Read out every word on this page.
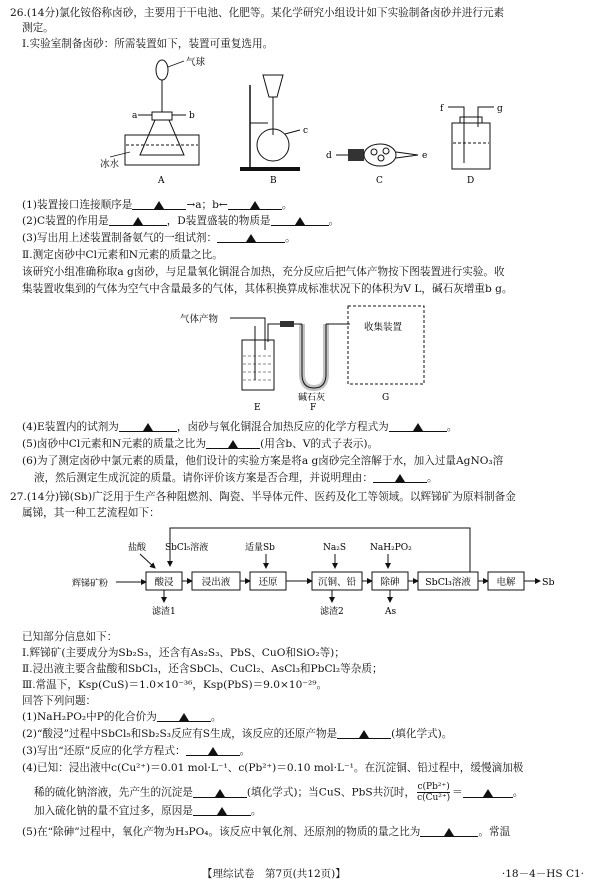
26.(14分)氯化铵俗称卤砂，主要用于干电池、化肥等。某化学研究小组设计如下实验制备卤砂并进行元素
测定。
Ⅰ.实验室制备卤砂：所需装置如下，装置可重复选用。
气球
a	b
冰水
A
c
B
d	e
C
f	g
D
(1)装置接口连接顺序是	→a；b←	。
(2)C装置的作用是	，D装置盛装的物质是	。
(3)写出用上述装置制备氨气的一组试剂：	。
Ⅱ.测定卤砂中Cl元素和N元素的质量之比。
该研究小组准确称取a g卤砂，与足量氧化铜混合加热，充分反应后把气体产物按下图装置进行实验。收
集装置收集到的气体为空气中含量最多的气体，其体积换算成标准状况下的体积为V L，碱石灰增重b g。
气体产物
收集装置
碱石灰
E	F
G
(4)E装置内的试剂为	，卤砂与氧化铜混合加热反应的化学方程式为	。
(5)卤砂中Cl元素和N元素的质量之比为	(用含b、V的式子表示)。
(6)为了测定卤砂中氯元素的质量，他们设计的实验方案是将a g卤砂完全溶解于水，加入过量AgNO₃溶
液，然后测定生成沉淀的质量。请你评价该方案是否合理，并说明理由：	。
27.(14分)锑(Sb)广泛用于生产各种阻燃剂、陶瓷、半导体元件、医药及化工等领域。以辉锑矿为原料制备金
属锑，其一种工艺流程如下：
盐酸 SbCl₅溶液	适量Sb	Na₂S	NaH₂PO₂
辉锑矿粉	酸浸	浸出液	还原	沉铜、铅	除砷	SbCl₃溶液	电解	Sb
滤渣1	滤渣2	As
已知部分信息如下：
Ⅰ.辉锑矿(主要成分为Sb₂S₃，还含有As₂S₃、PbS、CuO和SiO₂等)；
Ⅱ.浸出液主要含盐酸和SbCl₃，还含SbCl₅、CuCl₂、AsCl₃和PbCl₂等杂质；
Ⅲ.常温下，Ksp(CuS)＝1.0×10⁻³⁶，Ksp(PbS)＝9.0×10⁻²⁹。
回答下列问题：
(1)NaH₂PO₂中P的化合价为	。
(2)“酸浸”过程中SbCl₅和Sb₂S₃反应有S生成，该反应的还原产物是	(填化学式)。
(3)写出“还原”反应的化学方程式：	。
(4)已知：浸出液中c(Cu²⁺)＝0.01 mol·L⁻¹、c(Pb²⁺)＝0.10 mol·L⁻¹。在沉淀铜、铅过程中，缓慢滴加极
稀的硫化钠溶液，先产生的沉淀是	(填化学式)；当CuS、PbS共沉时， $\frac{\text{c(Pb²⁺)}}{\text{c(Cu²⁺)}}$ ＝	。
加入硫化钠的量不宜过多，原因是	。
(5)在“除砷”过程中，氧化产物为H₃PO₄。该反应中氧化剂、还原剂的物质的量之比为	。常温
【理综试卷　第7页(共12页)】	·18－4－HS C1·
